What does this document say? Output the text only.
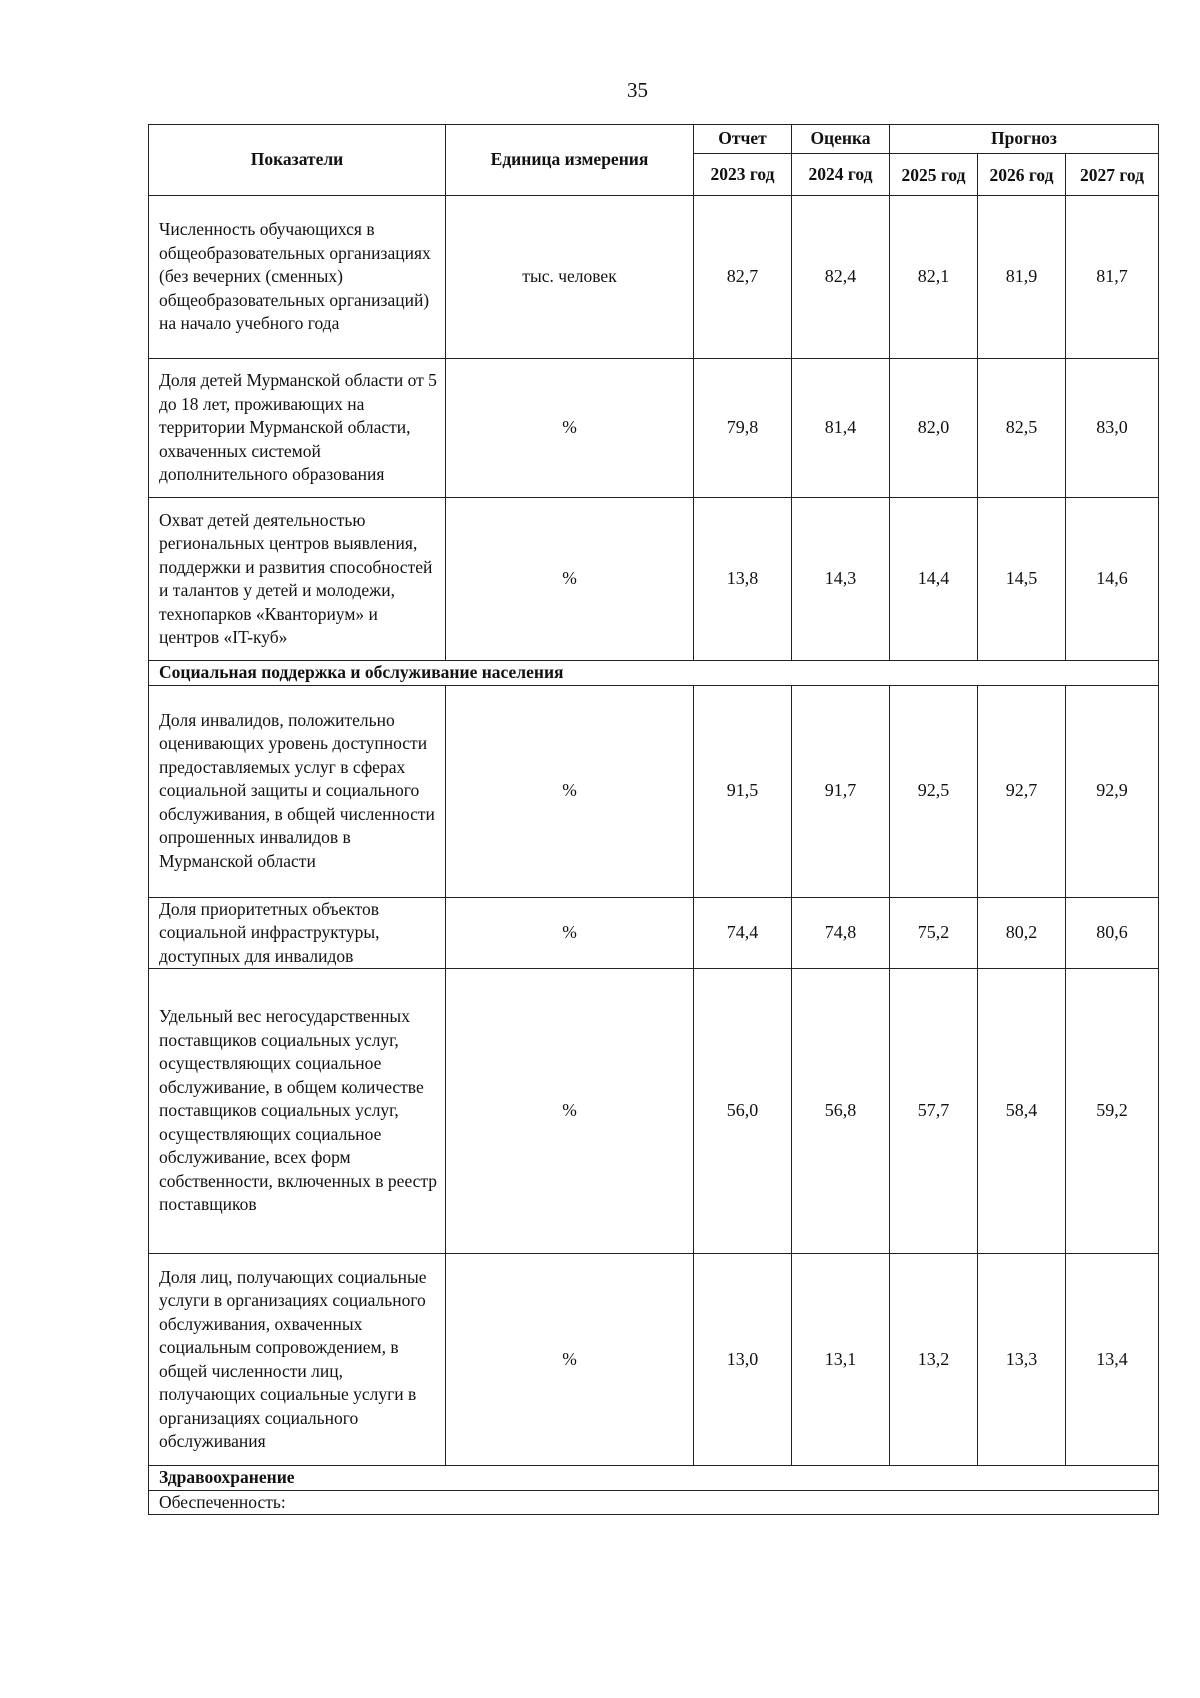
35
Показатели	Единица измерения	Отчет	Оценка	Прогноз		
		2023 год	2024 год	2025 год	2026 год	2027 год
Численность обучающихся в общеобразовательных организациях (без вечерних (сменных) общеобразовательных организаций) на начало учебного года	тыс. человек	82,7	82,4	82,1	81,9	81,7
Доля детей Мурманской области от 5 до 18 лет, проживающих на территории Мурманской области, охваченных системой дополнительного образования	%	79,8	81,4	82,0	82,5	83,0
Охват детей деятельностью региональных центров выявления, поддержки и развития способностей и талантов у детей и молодежи, технопарков «Кванториум» и центров «IT-куб»	%	13,8	14,3	14,4	14,5	14,6
Социальная поддержка и обслуживание населения						
Доля инвалидов, положительно оценивающих уровень доступности предоставляемых услуг в сферах социальной защиты и социального обслуживания, в общей численности опрошенных инвалидов в Мурманской области	%	91,5	91,7	92,5	92,7	92,9
Доля приоритетных объектов социальной инфраструктуры, доступных для инвалидов	%	74,4	74,8	75,2	80,2	80,6
Удельный вес негосударственных поставщиков социальных услуг, осуществляющих социальное обслуживание, в общем количестве поставщиков социальных услуг, осуществляющих социальное обслуживание, всех форм собственности, включенных в реестр поставщиков	%	56,0	56,8	57,7	58,4	59,2
Доля лиц, получающих социальные услуги в организациях социального обслуживания, охваченных социальным сопровождением, в общей численности лиц, получающих социальные услуги в организациях социального обслуживания	%	13,0	13,1	13,2	13,3	13,4
Здравоохранение						
Обеспеченность:						
